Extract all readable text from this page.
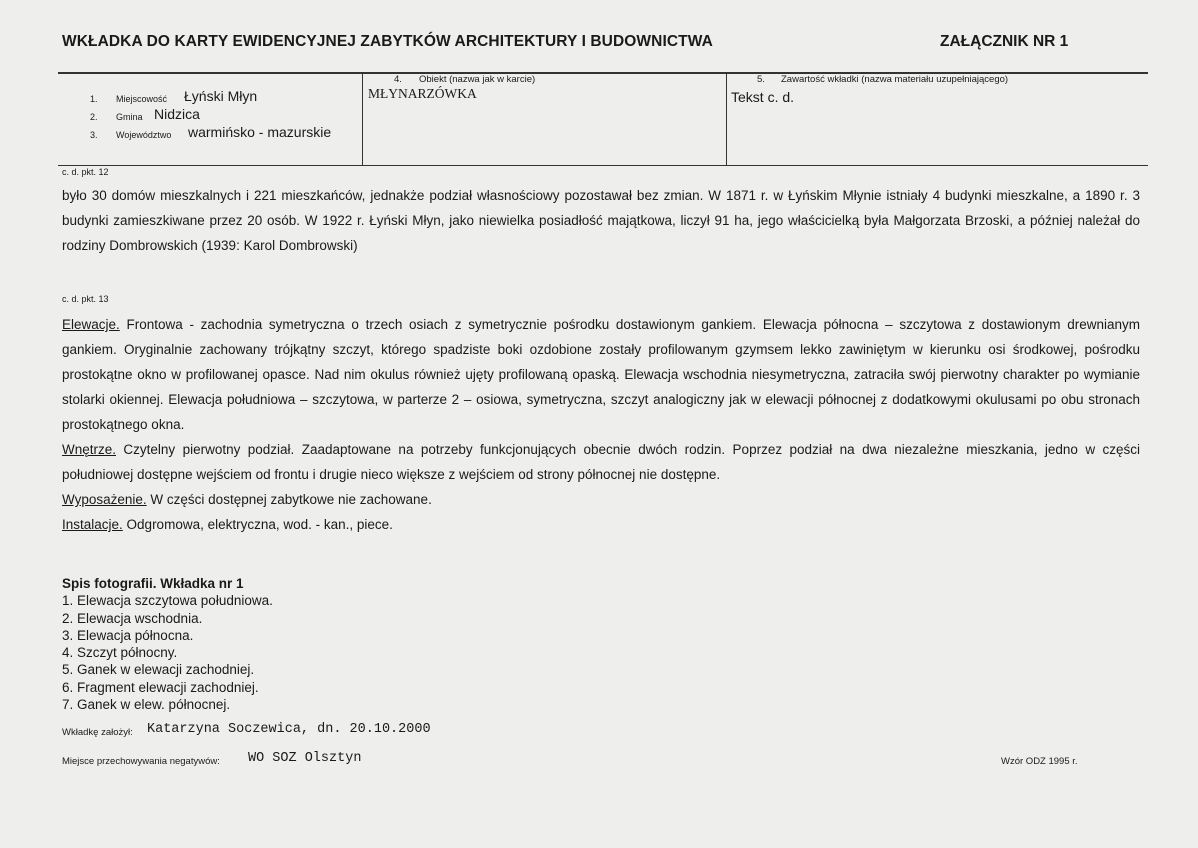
WKŁADKA DO KARTY EWIDENCYJNEJ ZABYTKÓW ARCHITEKTURY I BUDOWNICTWA	ZAŁĄCZNIK NR 1
1. Miejscowość Łyński Młyn
2. Gmina Nidzica
3. Województwo warmińsko - mazurskie
4. Obiekt (nazwa jak w karcie)
MŁYNARZÓWKA
5. Zawartość wkładki (nazwa materiału uzupełniającego)
Tekst c. d.
c. d. pkt. 12

było 30 domów mieszkalnych i 221 mieszkańców, jednakże podział własnościowy pozostawał bez zmian. W 1871 r. w Łyńskim Młynie istniały 4 budynki mieszkalne, a 1890 r. 3 budynki zamieszkiwane przez 20 osób. W 1922 r. Łyński Młyn, jako niewielka posiadłość majątkowa, liczył 91 ha, jego właścicielką była Małgorzata Brzoski, a później należał do rodziny Dombrowskich (1939: Karol Dombrowski)

c. d. pkt. 13

Elewacje. Frontowa - zachodnia symetryczna o trzech osiach z symetrycznie pośrodku dostawionym gankiem. Elewacja północna – szczytowa z dostawionym drewnianym gankiem. Oryginalnie zachowany trójkątny szczyt, którego spadziste boki ozdobione zostały profilowanym gzymsem lekko zawiniętym w kierunku osi środkowej, pośrodku prostokątne okno w profilowanej opasce. Nad nim okulus również ujęty profilowaną opaską. Elewacja wschodnia niesymetryczna, zatraciła swój pierwotny charakter po wymianie stolarki okiennej. Elewacja południowa – szczytowa, w parterze 2 – osiowa, symetryczna, szczyt analogiczny jak w elewacji północnej z dodatkowymi okulusami po obu stronach prostokątnego okna.

Wnętrze. Czytelny pierwotny podział. Zaadaptowane na potrzeby funkcjonujących obecnie dwóch rodzin. Poprzez podział na dwa niezależne mieszkania, jedno w części południowej dostępne wejściem od frontu i drugie nieco większe z wejściem od strony północnej nie dostępne.

Wyposażenie. W części dostępnej zabytkowe nie zachowane.

Instalacje. Odgromowa, elektryczna, wod. - kan., piece.

Spis fotografii. Wkładka nr 1
1. Elewacja szczytowa południowa.
2. Elewacja wschodnia.
3. Elewacja północna.
4. Szczyt północny.
5. Ganek w elewacji zachodniej.
6. Fragment elewacji zachodniej.
7. Ganek w elew. północnej.
Wkładkę założył: Katarzyna Soczewica, dn. 20.10.2000
Miejsce przechowywania negatywów: WO SOZ Olsztyn	Wzór ODZ 1995 r.
